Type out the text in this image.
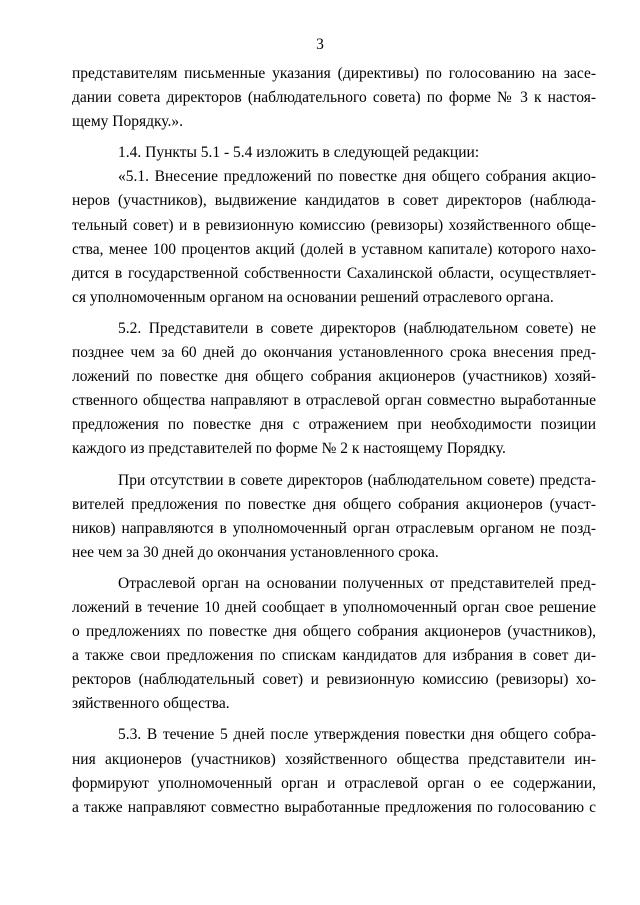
3
представителям письменные указания (директивы) по голосованию на засе-
дании совета директоров (наблюдательного совета) по форме № 3 к настоя-
щему Порядку.».
1.4. Пункты 5.1 - 5.4 изложить в следующей редакции:
«5.1. Внесение предложений по повестке дня общего собрания акцио-
неров (участников), выдвижение кандидатов в совет директоров (наблюда-
тельный совет) и в ревизионную комиссию (ревизоры) хозяйственного обще-
ства, менее 100 процентов акций (долей в уставном капитале) которого нахо-
дится в государственной собственности Сахалинской области, осуществляет-
ся уполномоченным органом на основании решений отраслевого органа.
5.2. Представители в совете директоров (наблюдательном совете) не
позднее чем за 60 дней до окончания установленного срока внесения пред-
ложений по повестке дня общего собрания акционеров (участников) хозяй-
ственного общества направляют в отраслевой орган совместно выработанные
предложения по повестке дня с отражением при необходимости позиции
каждого из представителей по форме № 2 к настоящему Порядку.
При отсутствии в совете директоров (наблюдательном совете) предста-
вителей предложения по повестке дня общего собрания акционеров (участ-
ников) направляются в уполномоченный орган отраслевым органом не позд-
нее чем за 30 дней до окончания установленного срока.
Отраслевой орган на основании полученных от представителей пред-
ложений в течение 10 дней сообщает в уполномоченный орган свое решение
о предложениях по повестке дня общего собрания акционеров (участников),
а также свои предложения по спискам кандидатов для избрания в совет ди-
ректоров (наблюдательный совет) и ревизионную комиссию (ревизоры) хо-
зяйственного общества.
5.3. В течение 5 дней после утверждения повестки дня общего собра-
ния акционеров (участников) хозяйственного общества представители ин-
формируют уполномоченный орган и отраслевой орган о ее содержании,
а также направляют совместно выработанные предложения по голосованию с
